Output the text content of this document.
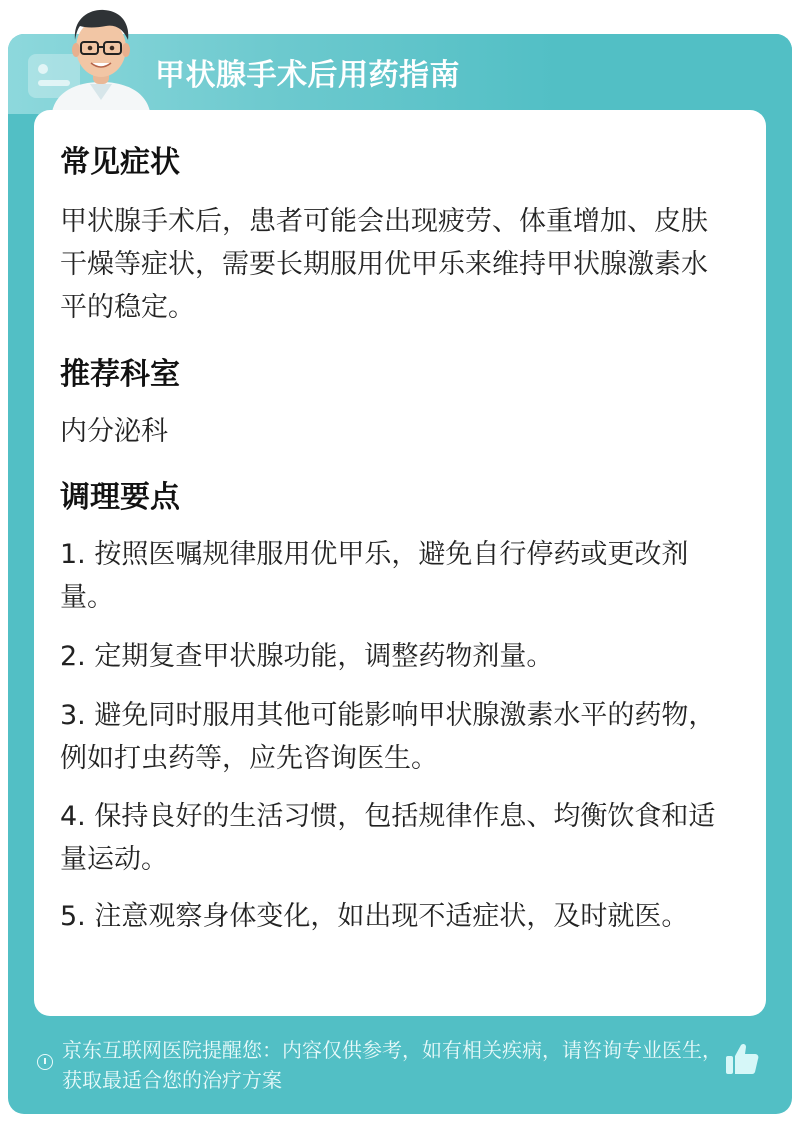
甲状腺手术后用药指南
常见症状
甲状腺手术后，患者可能会出现疲劳、体重增加、皮肤干燥等症状，需要长期服用优甲乐来维持甲状腺激素水平的稳定。
推荐科室
内分泌科
调理要点
1. 按照医嘱规律服用优甲乐，避免自行停药或更改剂量。
2. 定期复查甲状腺功能，调整药物剂量。
3. 避免同时服用其他可能影响甲状腺激素水平的药物，例如打虫药等，应先咨询医生。
4. 保持良好的生活习惯，包括规律作息、均衡饮食和适量运动。
5. 注意观察身体变化，如出现不适症状，及时就医。
京东互联网医院提醒您：内容仅供参考，如有相关疾病，请咨询专业医生，获取最适合您的治疗方案
